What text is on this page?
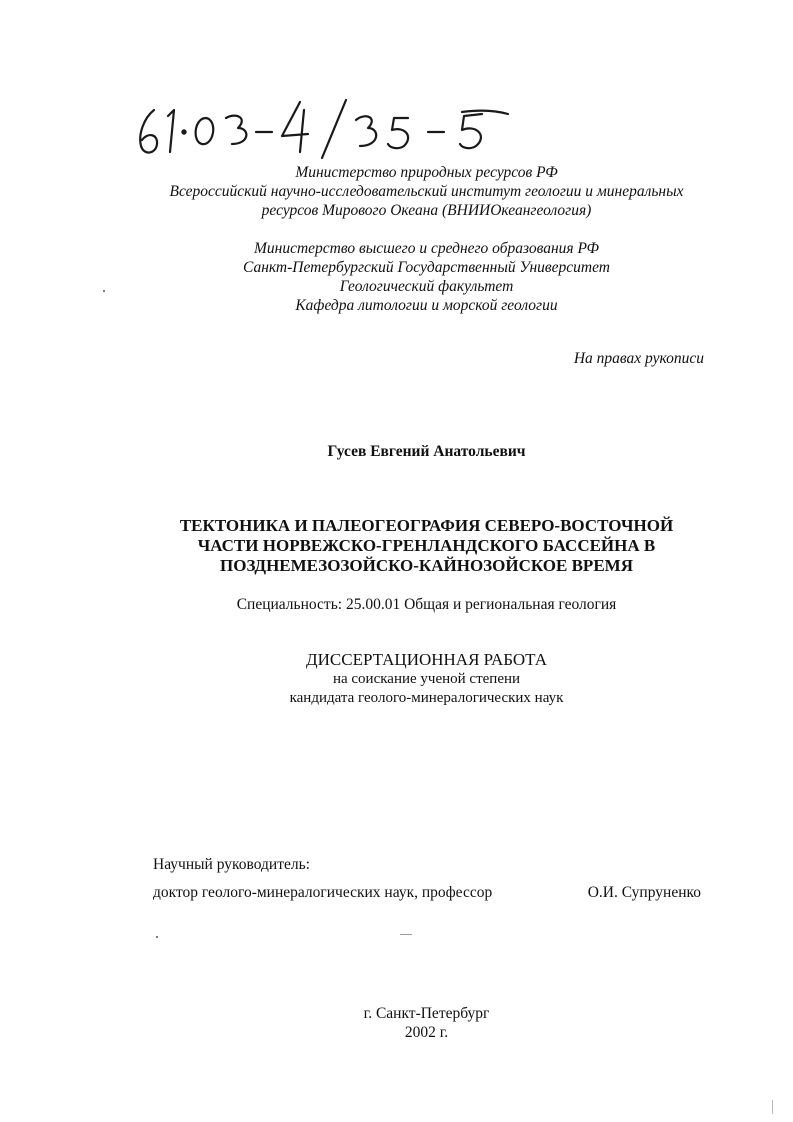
Министерство природных ресурсов РФ
Всероссийский научно-исследовательский институт геологии и минеральных
ресурсов Мирового Океана (ВНИИОкеангеология)
Министерство высшего и среднего образования РФ
Санкт-Петербургский Государственный Университет
Геологический факультет
Кафедра литологии и морской геологии
На правах рукописи
Гусев Евгений Анатольевич
ТЕКТОНИКА И ПАЛЕОГЕОГРАФИЯ СЕВЕРО-ВОСТОЧНОЙ
ЧАСТИ НОРВЕЖСКО-ГРЕНЛАНДСКОГО БАССЕЙНА В
ПОЗДНЕМЕЗОЗОЙСКО-КАЙНОЗОЙСКОЕ ВРЕМЯ
Специальность: 25.00.01 Общая и региональная геология
ДИССЕРТАЦИОННАЯ РАБОТА
на соискание ученой степени
кандидата геолого-минералогических наук
Научный руководитель:
доктор геолого-минералогических наук, профессор	О.И. Супруненко
г. Санкт-Петербург
2002 г.
